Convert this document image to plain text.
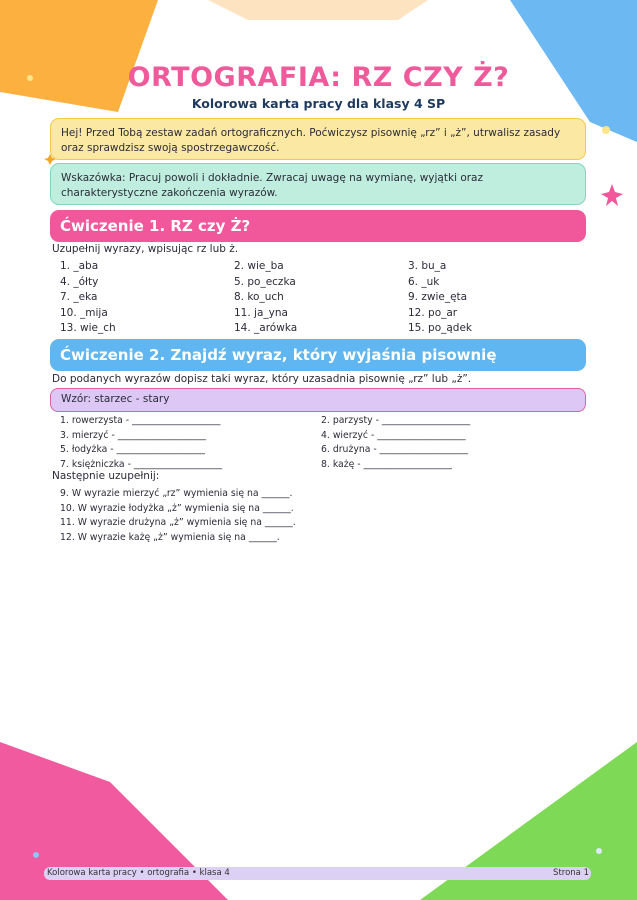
ORTOGRAFIA: RZ CZY Ż?
Kolorowa karta pracy dla klasy 4 SP
Hej! Przed Tobą zestaw zadań ortograficznych. Poćwiczysz pisownię „rz” i „ż”, utrwalisz zasady oraz sprawdzisz swoją spostrzegawczość.
Wskazówka: Pracuj powoli i dokładnie. Zwracaj uwagę na wymianę, wyjątki oraz charakterystyczne zakończenia wyrazów.
Ćwiczenie 1. RZ czy Ż?
Uzupełnij wyrazy, wpisując rz lub ż.
1. _aba	2. wie_ba	3. bu_a
4. _ółty	5. po_eczka	6. _uk
7. _eka	8. ko_uch	9. zwie_ęta
10. _mija	11. ja_yna	12. po_ar
13. wie_ch	14. _arówka	15. po_ądek
Ćwiczenie 2. Znajdź wyraz, który wyjaśnia pisownię
Do podanych wyrazów dopisz taki wyraz, który uzasadnia pisownię „rz” lub „ż”.
Wzór: starzec - stary
1. rowerzysta - ___________________	2. parzysty - ___________________
3. mierzyć - ___________________	4. wierzyć - ___________________
5. łodyżka - ___________________	6. drużyna - ___________________
7. księżniczka - ___________________	8. każę - ___________________
Następnie uzupełnij:
9. W wyrazie mierzyć „rz” wymienia się na ______.
10. W wyrazie łodyżka „ż” wymienia się na ______.
11. W wyrazie drużyna „ż” wymienia się na ______.
12. W wyrazie każę „ż” wymienia się na ______.
Kolorowa karta pracy • ortografia • klasa 4	Strona 1
